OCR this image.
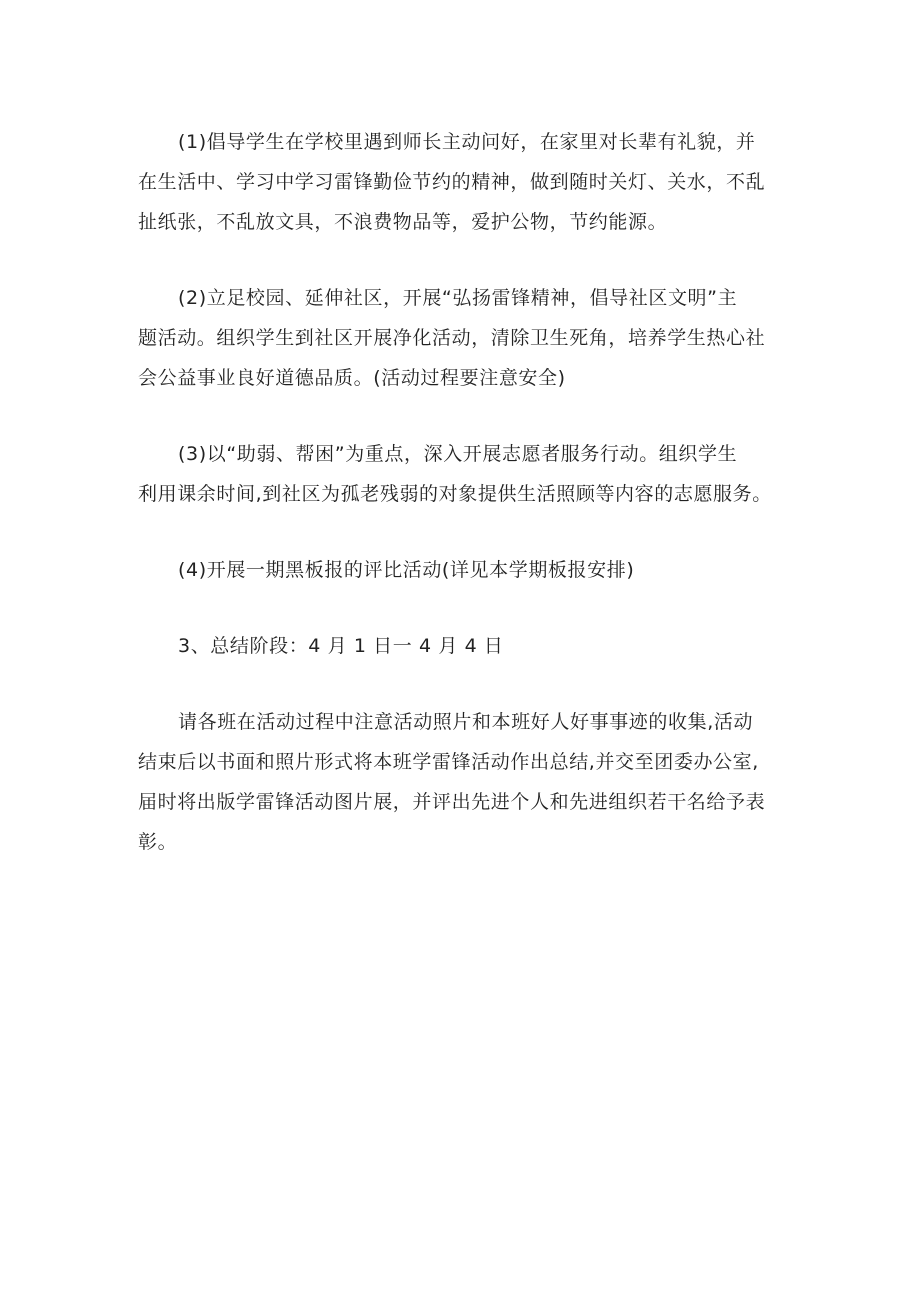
(1)倡导学生在学校里遇到师长主动问好，在家里对长辈有礼貌，并
在生活中、学习中学习雷锋勤俭节约的精神，做到随时关灯、关水，不乱
扯纸张，不乱放文具，不浪费物品等，爱护公物，节约能源。
(2)立足校园、延伸社区，开展“弘扬雷锋精神，倡导社区文明”主
题活动。组织学生到社区开展净化活动，清除卫生死角，培养学生热心社
会公益事业良好道德品质。(活动过程要注意安全)
(3)以“助弱、帮困”为重点，深入开展志愿者服务行动。组织学生
利用课余时间,到社区为孤老残弱的对象提供生活照顾等内容的志愿服务。
(4)开展一期黑板报的评比活动(详见本学期板报安排)
3、总结阶段：4 月 1 日一 4 月 4 日
请各班在活动过程中注意活动照片和本班好人好事事迹的收集,活动
结束后以书面和照片形式将本班学雷锋活动作出总结,并交至团委办公室,
届时将出版学雷锋活动图片展，并评出先进个人和先进组织若干名给予表
彰。
